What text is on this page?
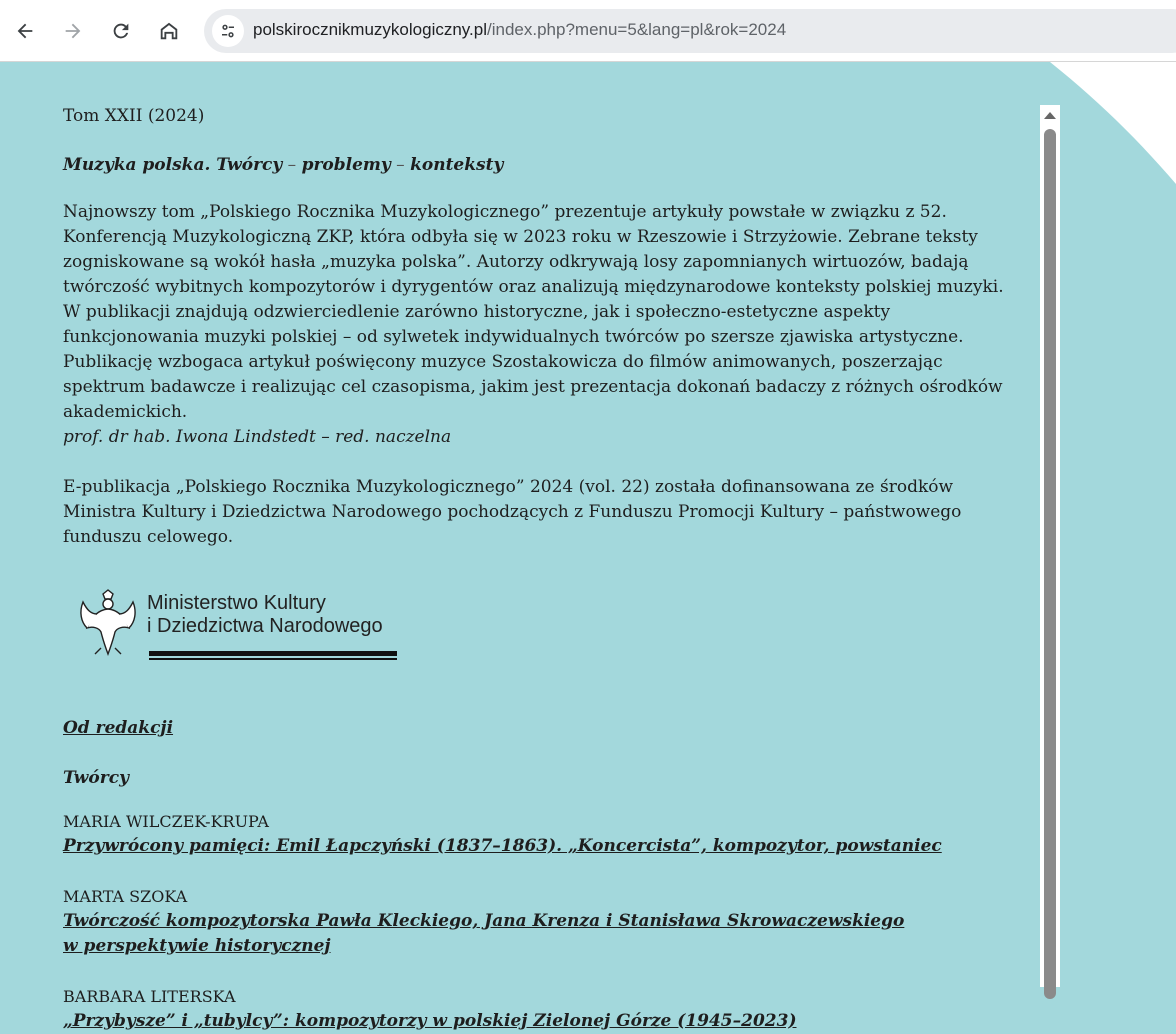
polskirocznikmuzykologiczny.pl/index.php?menu=5&lang=pl&rok=2024

Tom XXII (2024)

Muzyka polska. Twórcy – problemy – konteksty

Najnowszy tom „Polskiego Rocznika Muzykologicznego” prezentuje artykuły powstałe w związku z 52. Konferencją Muzykologiczną ZKP, która odbyła się w 2023 roku w Rzeszowie i Strzyżowie. Zebrane teksty zogniskowane są wokół hasła „muzyka polska”. Autorzy odkrywają losy zapomnianych wirtuozów, badają twórczość wybitnych kompozytorów i dyrygentów oraz analizują międzynarodowe konteksty polskiej muzyki. W publikacji znajdują odzwierciedlenie zarówno historyczne, jak i społeczno-estetyczne aspekty funkcjonowania muzyki polskiej – od sylwetek indywidualnych twórców po szersze zjawiska artystyczne. Publikację wzbogaca artykuł poświęcony muzyce Szostakowicza do filmów animowanych, poszerzając spektrum badawcze i realizując cel czasopisma, jakim jest prezentacja dokonań badaczy z różnych ośrodków akademickich.

prof. dr hab. Iwona Lindstedt – red. naczelna

E-publikacja „Polskiego Rocznika Muzykologicznego” 2024 (vol. 22) została dofinansowana ze środków Ministra Kultury i Dziedzictwa Narodowego pochodzących z Funduszu Promocji Kultury – państwowego funduszu celowego.

Ministerstwo Kultury
i Dziedzictwa Narodowego
Od redakcji
Twórcy
MARIA WILCZEK-KRUPA
Przywrócony pamięci: Emil Łapczyński (1837–1863). „Koncercista”, kompozytor, powstaniec
MARTA SZOKA
Twórczość kompozytorska Pawła Kleckiego, Jana Krenza i Stanisława Skrowaczewskiego
w perspektywie historycznej
BARBARA LITERSKA
„Przybysze” i „tubylcy”: kompozytorzy w polskiej Zielonej Górze (1945–2023)
